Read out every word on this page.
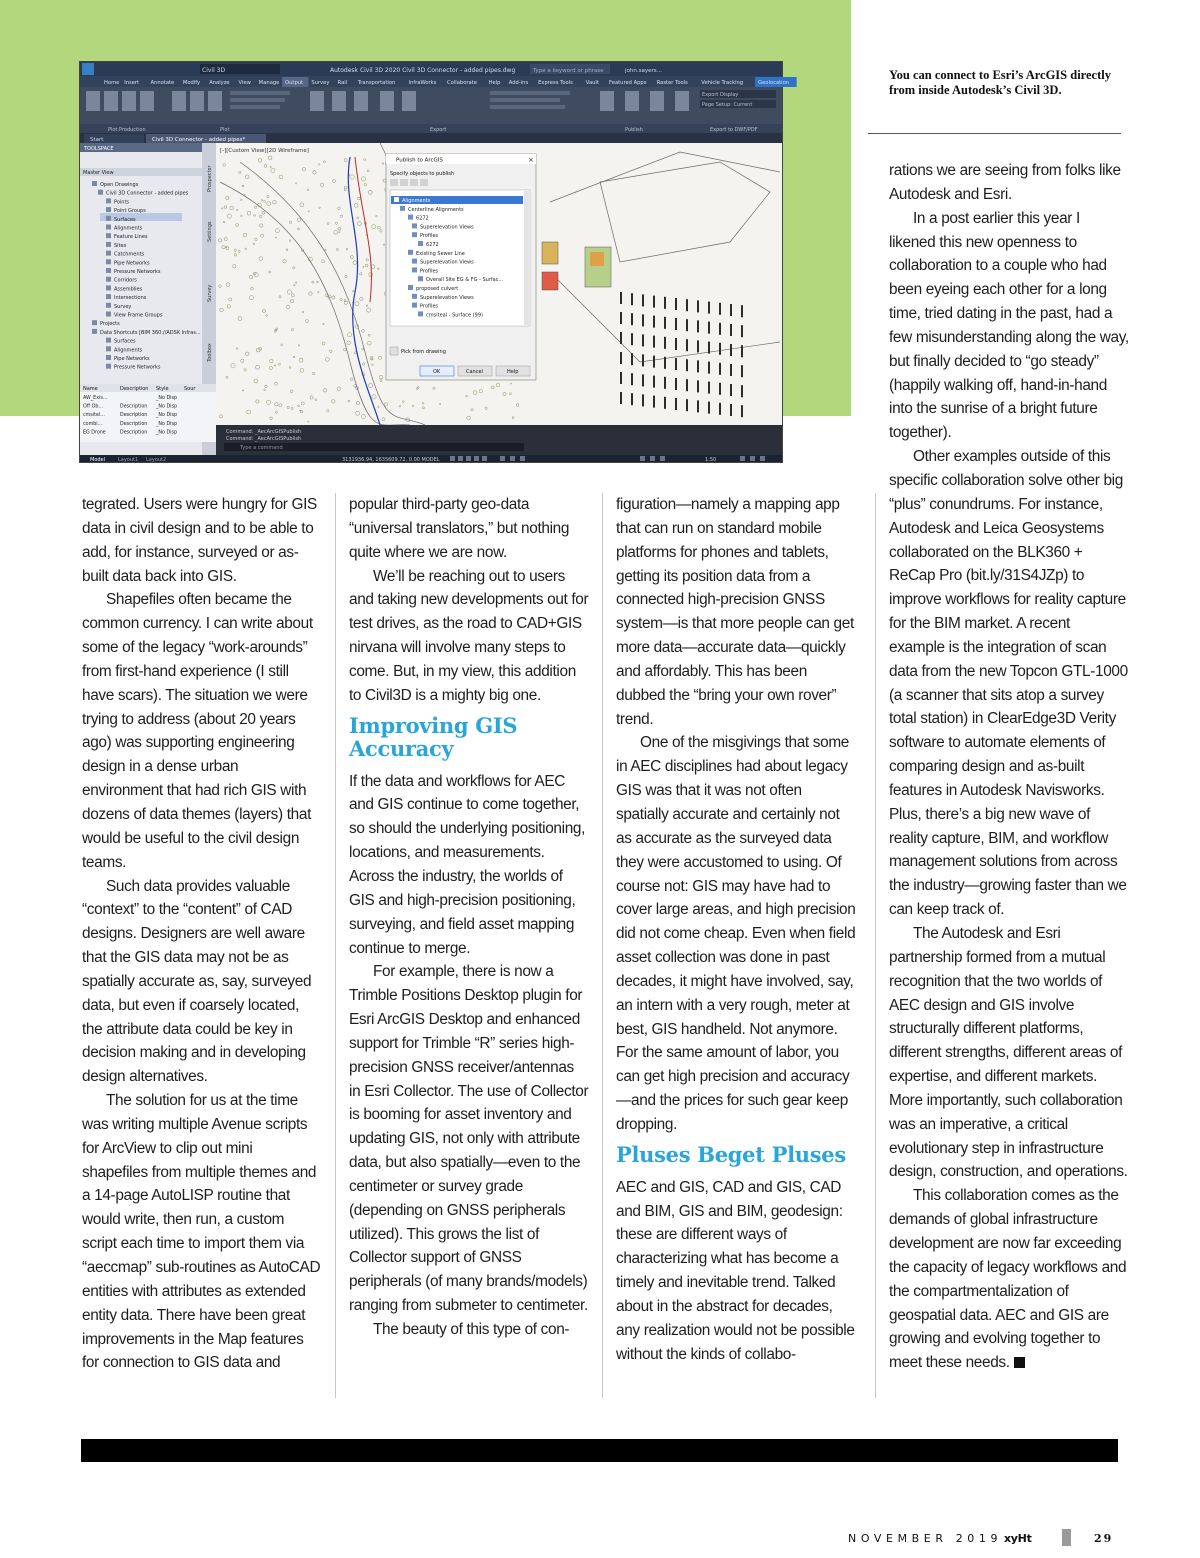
Civil 3D	Autodesk Civil 3D 2020 Civil 3D Connector - added pipes.dwg	Type a keyword or phrase	john.sayers...
Home Insert Annotate Modify Analyze View Manage Output Survey Rail Transportation	InfraWorks Collaborate Help Add-ins Express Tools Vault Featured Apps Raster Tools	Vehicle Tracking	Geolocation
Export Display
Page Setup: Current
Plot Production	Plot	Export	Publish	Export to DWF/PDF
Start	Civil 3D Connector - added pipes*
TOOLSPACE
Master View
Open Drawings
Civil 3D Connector - added pipes
Points
Point Groups
Surfaces
Alignments
Feature Lines
Sites
Catchments
Pipe Networks
Pressure Networks
Corridors
Assemblies
Intersections
Survey
View Frame Groups
Projects
Data Shortcuts [BIM 360://ADSK Infras...
Surfaces
Alignments
Pipe Networks
Pressure Networks
Prospector
Settings
Survey
Toolbox
Name	Description Style	Sour
AW_Exis...	_No Disp
Off Ob...	Description _No Disp
cmsitel...	Description _No Disp
combi...	Description _No Disp
EG Drone	Description _No Disp
[-][Custom View][2D Wireframe]
Publish to ArcGIS	×
Specify objects to publish
Alignments
Centerline Alignments
6272
Superelevation Views
Profiles
6272
Existing Sewer Line
Superelevation Views
Profiles
Overall Site EG & FG - Surfac...
proposed culvert
Superelevation Views
Profiles
cmsiteal - Surface (99)
Pick from drawing
OK	Cancel	Help
Command: _AecArcGISPublish
Command: _AecArcGISPublish
Type a command
Model	Layout1 Layout2	3131936.94, 1635609.72, 0.00 MODEL	1:50
You can connect to Esri’s ArcGIS directly from inside Autodesk’s Civil 3D.

tegrated. Users were hungry for GIS data in civil design and to be able to add, for instance, surveyed or as-built data back into GIS.

Shapefiles often became the common currency. I can write about some of the legacy “work-arounds” from first-hand experience (I still have scars). The situation we were trying to address (about 20 years ago) was supporting engineering design in a dense urban environment that had rich GIS with dozens of data themes (layers) that would be useful to the civil design teams.

Such data provides valuable “context” to the “content” of CAD designs. Designers are well aware that the GIS data may not be as spatially accurate as, say, surveyed data, but even if coarsely located, the attribute data could be key in decision making and in developing design alternatives.

The solution for us at the time was writing multiple Avenue scripts for ArcView to clip out mini shapefiles from multiple themes and a 14-page AutoLISP routine that would write, then run, a custom script each time to import them via “aeccmap” sub-routines as AutoCAD entities with attributes as extended entity data. There have been great improvements in the Map features for connection to GIS data and

popular third-party geo-data “universal translators,” but nothing quite where we are now.

We’ll be reaching out to users and taking new developments out for test drives, as the road to CAD+GIS nirvana will involve many steps to come. But, in my view, this addition to Civil3D is a mighty big one.

Improving GIS Accuracy

If the data and workflows for AEC and GIS continue to come together, so should the underlying positioning, locations, and measurements. Across the industry, the worlds of GIS and high-precision positioning, surveying, and field asset mapping continue to merge.

For example, there is now a Trimble Positions Desktop plugin for Esri ArcGIS Desktop and enhanced support for Trimble “R” series high-precision GNSS receiver/antennas in Esri Collector. The use of Collector is booming for asset inventory and updating GIS, not only with attribute data, but also spatially—even to the centimeter or survey grade (depending on GNSS peripherals utilized). This grows the list of Collector support of GNSS peripherals (of many brands/models) ranging from submeter to centimeter.

The beauty of this type of con-

figuration—namely a mapping app that can run on standard mobile platforms for phones and tablets, getting its position data from a connected high-precision GNSS system—is that more people can get more data—accurate data—quickly and affordably. This has been dubbed the “bring your own rover” trend.

One of the misgivings that some in AEC disciplines had about legacy GIS was that it was not often spatially accurate and certainly not as accurate as the surveyed data they were accustomed to using. Of course not: GIS may have had to cover large areas, and high precision did not come cheap. Even when field asset collection was done in past decades, it might have involved, say, an intern with a very rough, meter at best, GIS handheld. Not anymore. For the same amount of labor, you can get high precision and accuracy—and the prices for such gear keep dropping.

Pluses Beget Pluses

AEC and GIS, CAD and GIS, CAD and BIM, GIS and BIM, geodesign: these are different ways of characterizing what has become a timely and inevitable trend. Talked about in the abstract for decades, any realization would not be possible without the kinds of collabo-

rations we are seeing from folks like Autodesk and Esri.

In a post earlier this year I likened this new openness to collaboration to a couple who had been eyeing each other for a long time, tried dating in the past, had a few misunderstanding along the way, but finally decided to “go steady” (happily walking off, hand-in-hand into the sunrise of a bright future together).

Other examples outside of this specific collaboration solve other big “plus” conundrums. For instance, Autodesk and Leica Geosystems collaborated on the BLK360 + ReCap Pro (bit.ly/31S4JZp) to improve workflows for reality capture for the BIM market. A recent example is the integration of scan data from the new Topcon GTL-1000 (a scanner that sits atop a survey total station) in ClearEdge3D Verity software to automate elements of comparing design and as-built features in Autodesk Navisworks. Plus, there’s a big new wave of reality capture, BIM, and workflow management solutions from across the industry—growing faster than we can keep track of.

The Autodesk and Esri partnership formed from a mutual recognition that the two worlds of AEC design and GIS involve structurally different platforms, different strengths, different areas of expertise, and different markets. More importantly, such collaboration was an imperative, a critical evolutionary step in infrastructure design, construction, and operations.

This collaboration comes as the demands of global infrastructure development are now far exceeding the capacity of legacy workflows and the compartmentalization of geospatial data. AEC and GIS are growing and evolving together to meet these needs.

NOVEMBER 2019 xyHt	29
